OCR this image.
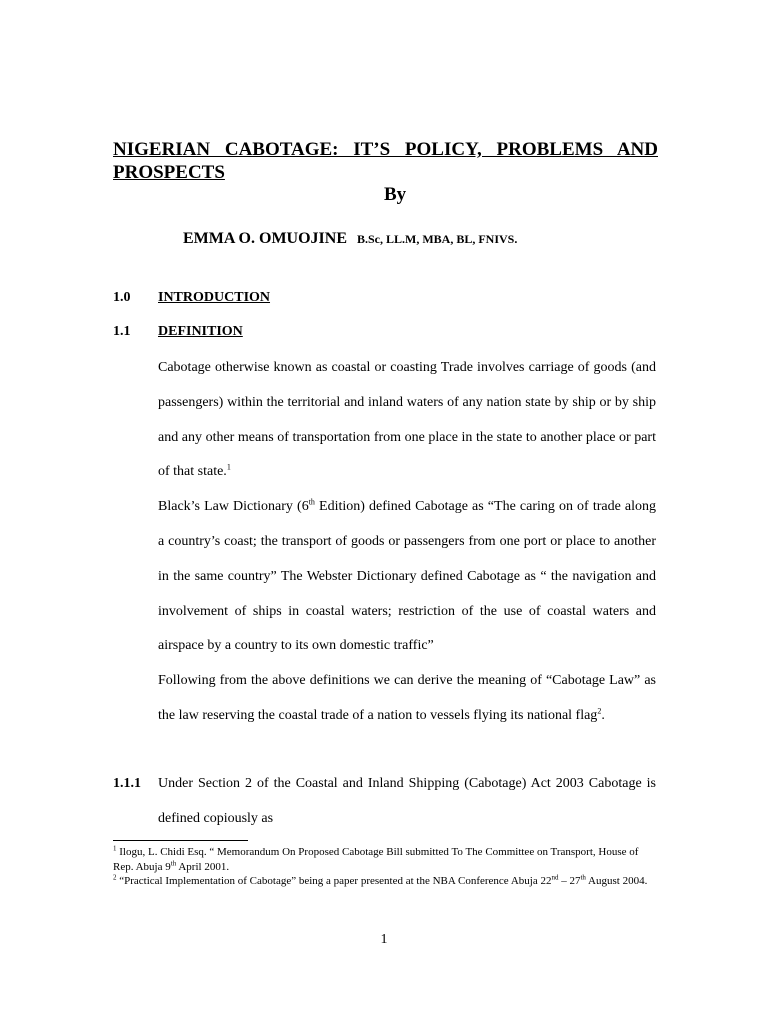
NIGERIAN CABOTAGE: IT’S POLICY, PROBLEMS AND PROSPECTS

By

EMMA O. OMUOJINE B.Sc, LL.M, MBA, BL, FNIVS.

1.0 INTRODUCTION

1.1 DEFINITION

Cabotage otherwise known as coastal or coasting Trade involves carriage of goods (and passengers) within the territorial and inland waters of any nation state by ship or by ship and any other means of transportation from one place in the state to another place or part of that state.$^1$

Black’s Law Dictionary (6th Edition) defined Cabotage as “The caring on of trade along a country’s coast; the transport of goods or passengers from one port or place to another in the same country” The Webster Dictionary defined Cabotage as “ the navigation and involvement of ships in coastal waters; restriction of the use of coastal waters and airspace by a country to its own domestic traffic”

Following from the above definitions we can derive the meaning of “Cabotage Law” as the law reserving the coastal trade of a nation to vessels flying its national flag$^2$.

1.1.1 Under Section 2 of the Coastal and Inland Shipping (Cabotage) Act 2003 Cabotage is defined copiously as

$^1$ Ilogu, L. Chidi Esq. “ Memorandum On Proposed Cabotage Bill submitted To The Committee on Transport, House of Rep. Abuja 9th April 2001.

$^2$ “Practical Implementation of Cabotage” being a paper presented at the NBA Conference Abuja 22nd – 27th August 2004.

1
